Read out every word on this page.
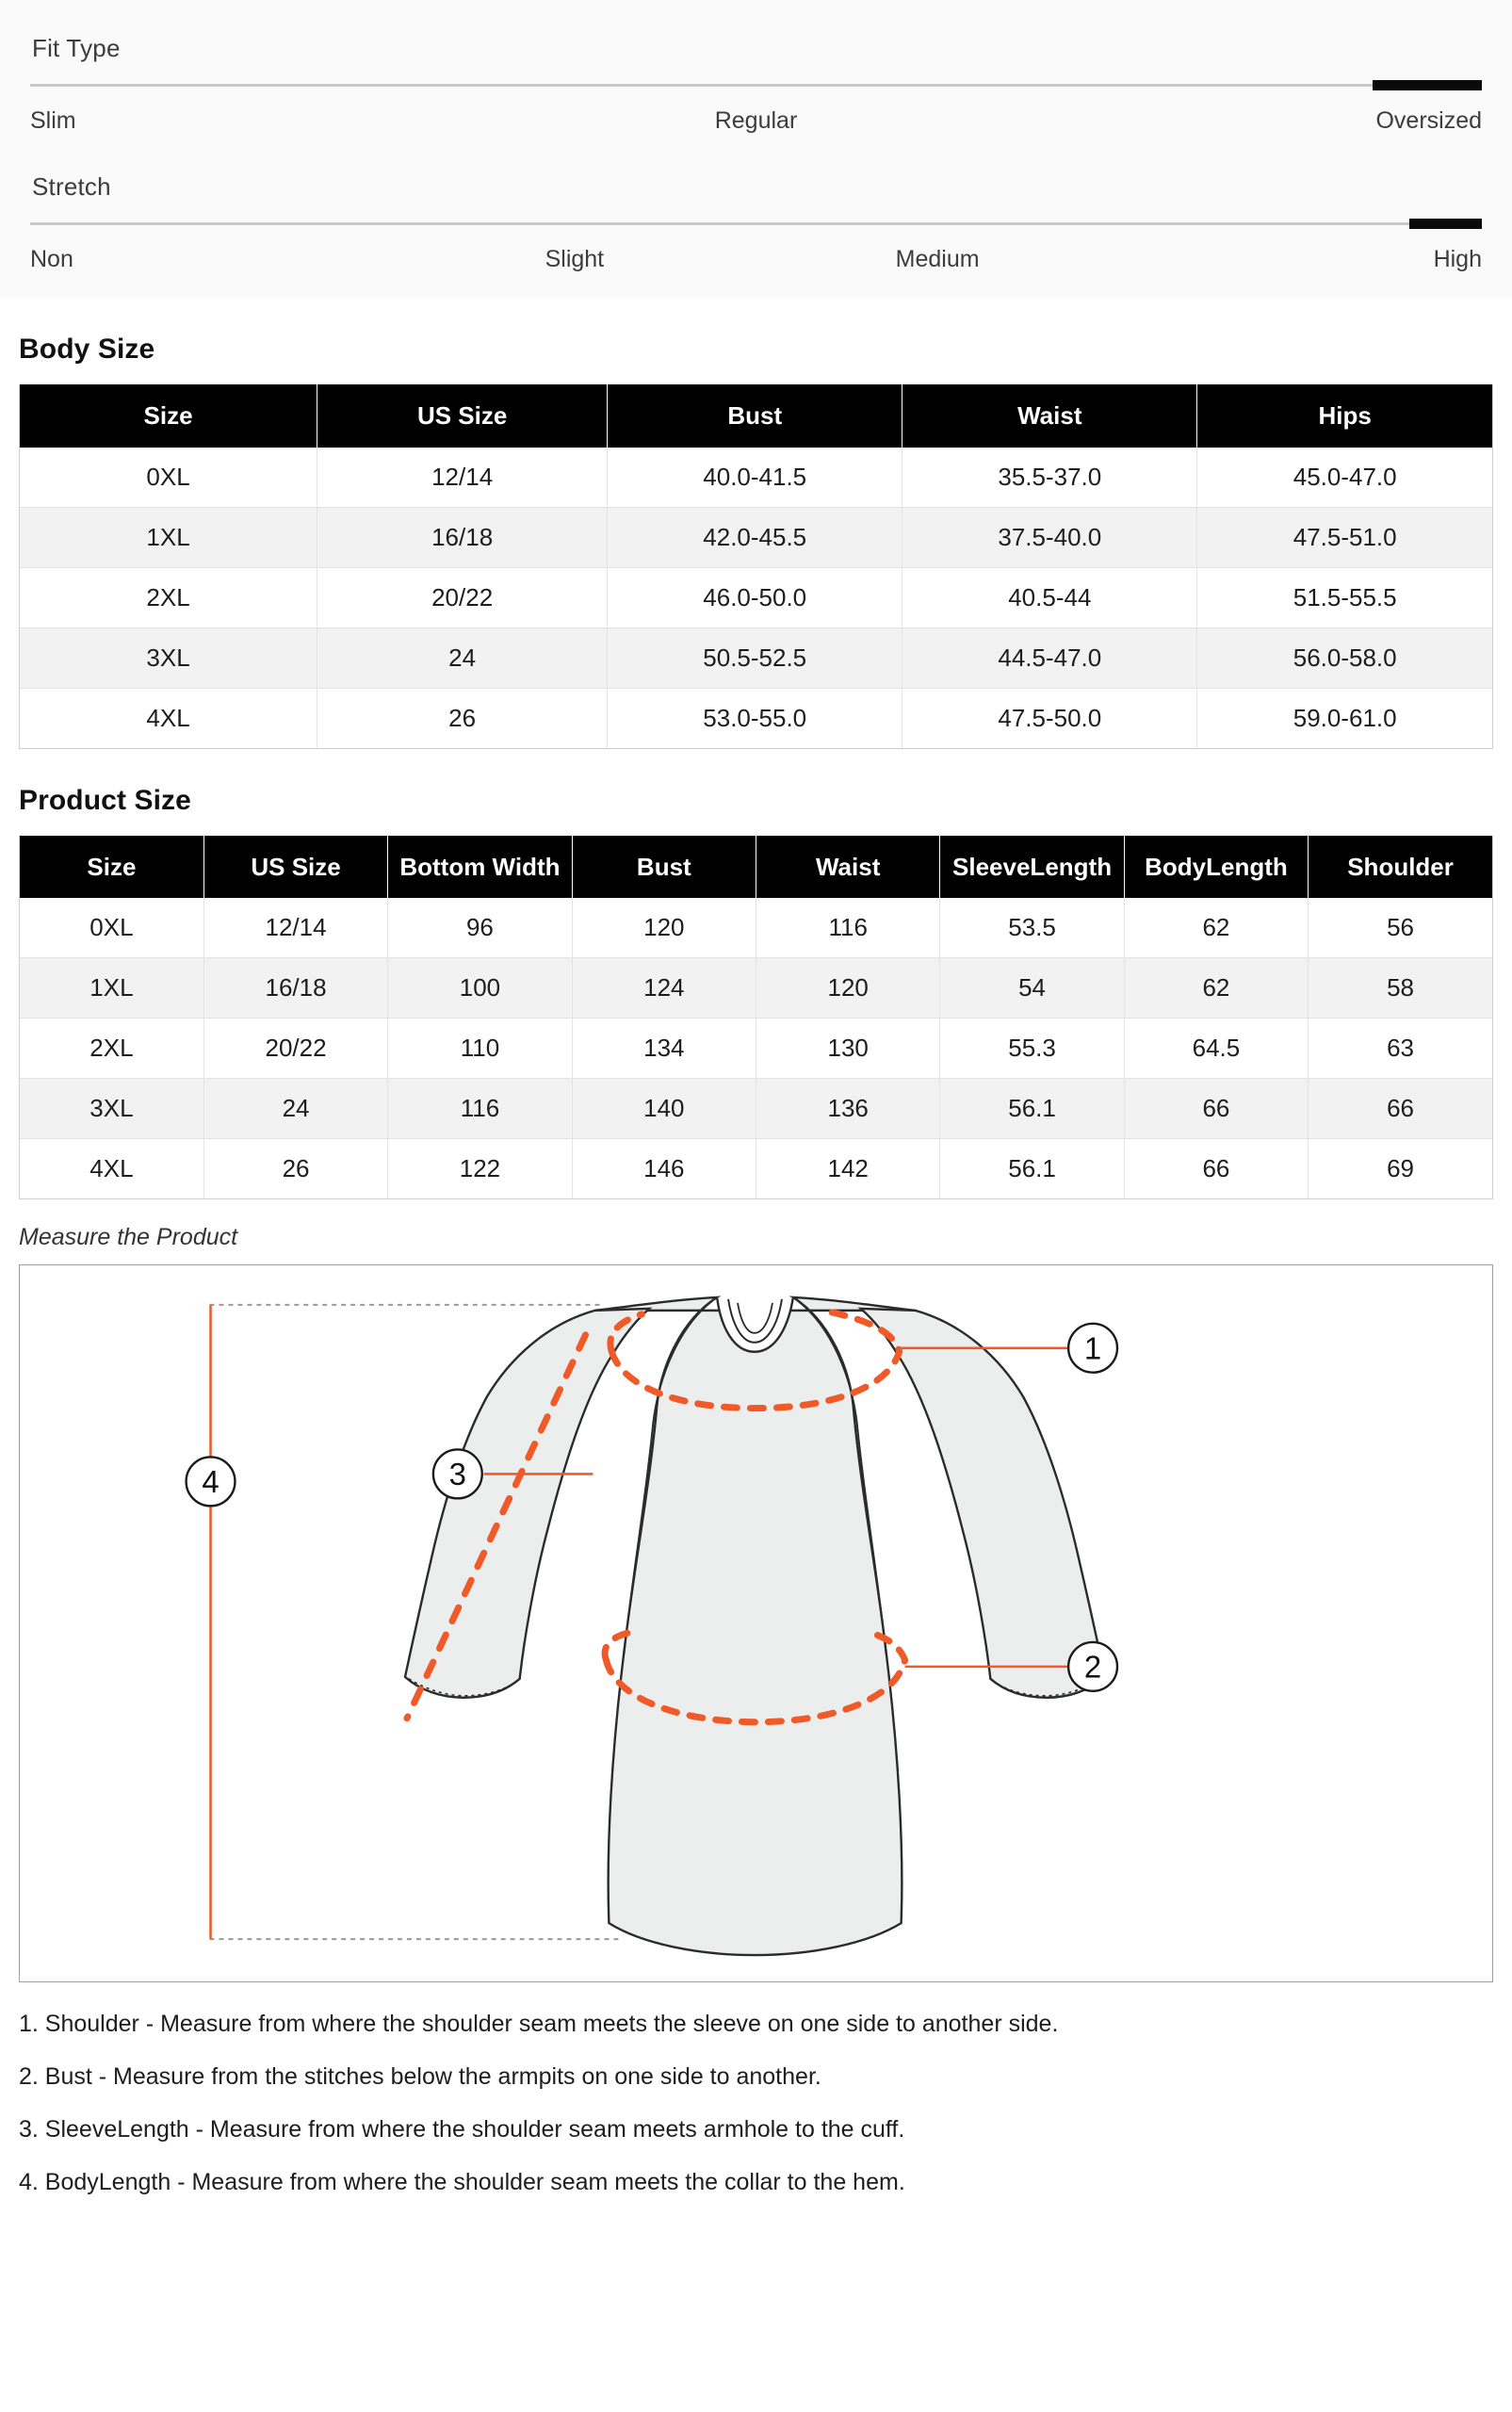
Fit Type
Slim	Regular	Oversized
Stretch
Non	Slight	Medium	High
Body Size
Size	US Size	Bust	Waist	Hips
0XL	12/14	40.0-41.5	35.5-37.0	45.0-47.0
1XL	16/18	42.0-45.5	37.5-40.0	47.5-51.0
2XL	20/22	46.0-50.0	40.5-44	51.5-55.5
3XL	24	50.5-52.5	44.5-47.0	56.0-58.0
4XL	26	53.0-55.0	47.5-50.0	59.0-61.0
Product Size
Size	US Size	Bottom Width	Bust	Waist	SleeveLength	BodyLength	Shoulder
0XL	12/14	96	120	116	53.5	62	56
1XL	16/18	100	124	120	54	62	58
2XL	20/22	110	134	130	55.3	64.5	63
3XL	24	116	140	136	56.1	66	66
4XL	26	122	146	142	56.1	66	69
Measure the Product
1
2
3
4
1. Shoulder - Measure from where the shoulder seam meets the sleeve on one side to another side.
2. Bust - Measure from the stitches below the armpits on one side to another.
3. SleeveLength - Measure from where the shoulder seam meets armhole to the cuff.
4. BodyLength - Measure from where the shoulder seam meets the collar to the hem.
